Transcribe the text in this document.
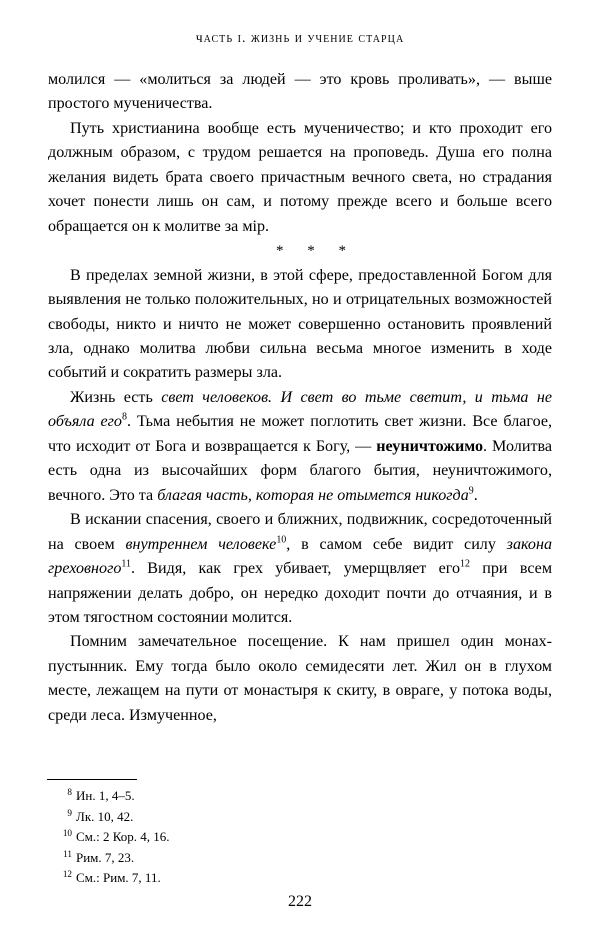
часть i. жизнь и учение старца

молился — «молиться за людей — это кровь проливать», — выше простого мученичества.

Путь христианина вообще есть мученичество; и кто проходит его должным образом, с трудом решается на проповедь. Душа его полна желания видеть брата своего причастным вечного света, но страдания хочет понести лишь он сам, и потому прежде всего и больше всего обращается он к молитве за мір.

* * *

В пределах земной жизни, в этой сфере, предоставленной Богом для выявления не только положительных, но и отрицательных возможностей свободы, никто и ничто не может совершенно остановить проявлений зла, однако молитва любви сильна весьма многое изменить в ходе событий и сократить размеры зла.

Жизнь есть свет человеков. И свет во тьме светит, и тьма не объяла его$^8$. Тьма небытия не может поглотить свет жизни. Все благое, что исходит от Бога и возвращается к Богу, — неуничтожимо. Молитва есть одна из высочайших форм благого бытия, неуничтожимого, вечного. Это та благая часть, которая не отымется никогда$^9$.

В искании спасения, своего и ближних, подвижник, сосредоточенный на своем внутреннем человеке$^{10}$, в самом себе видит силу закона греховного$^{11}$. Видя, как грех убивает, умерщвляет его$^{12}$ при всем напряжении делать добро, он нередко доходит почти до отчаяния, и в этом тягостном состоянии молится.

Помним замечательное посещение. К нам пришел один монах-пустынник. Ему тогда было около семидесяти лет. Жил он в глухом месте, лежащем на пути от монастыря к скиту, в овраге, у потока воды, среди леса. Измученное,

8 Ин. 1, 4–5.

9 Лк. 10, 42.

10 См.: 2 Кор. 4, 16.

11 Рим. 7, 23.

12 См.: Рим. 7, 11.

222
